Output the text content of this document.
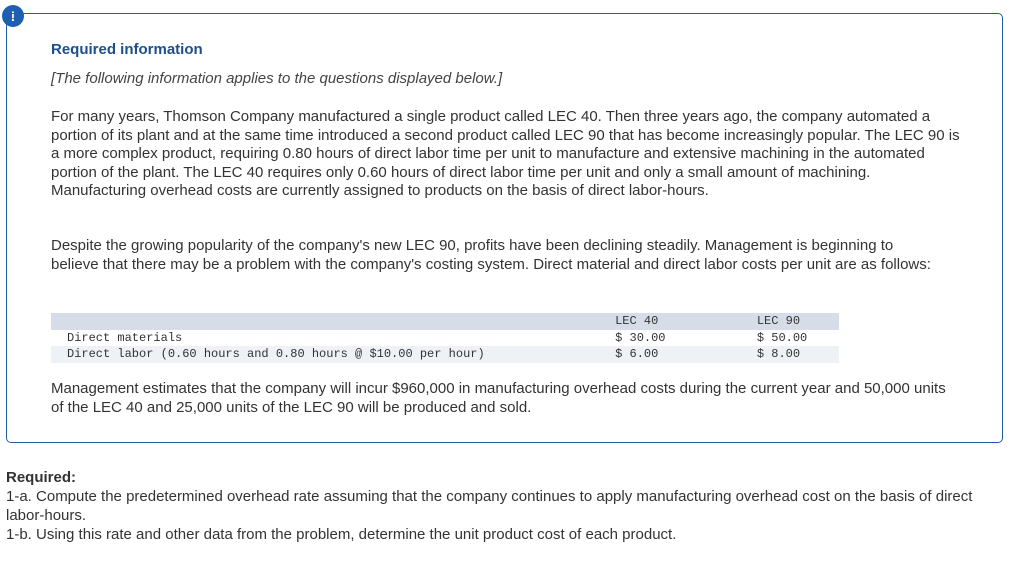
!
Required information
[The following information applies to the questions displayed below.]

For many years, Thomson Company manufactured a single product called LEC 40. Then three years ago, the company automated a portion of its plant and at the same time introduced a second product called LEC 90 that has become increasingly popular. The LEC 90 is a more complex product, requiring 0.80 hours of direct labor time per unit to manufacture and extensive machining in the automated portion of the plant. The LEC 40 requires only 0.60 hours of direct labor time per unit and only a small amount of machining. Manufacturing overhead costs are currently assigned to products on the basis of direct labor-hours.

Despite the growing popularity of the company's new LEC 90, profits have been declining steadily. Management is beginning to believe that there may be a problem with the company's costing system. Direct material and direct labor costs per unit are as follows:

	LEC 40	LEC 90
Direct materials	$ 30.00	$ 50.00
Direct labor (0.60 hours and 0.80 hours @ $10.00 per hour)	$ 6.00	$ 8.00

Management estimates that the company will incur $960,000 in manufacturing overhead costs during the current year and 50,000 units of the LEC 40 and 25,000 units of the LEC 90 will be produced and sold.

Required:

1-a. Compute the predetermined overhead rate assuming that the company continues to apply manufacturing overhead cost on the basis of direct labor-hours.

1-b. Using this rate and other data from the problem, determine the unit product cost of each product.
